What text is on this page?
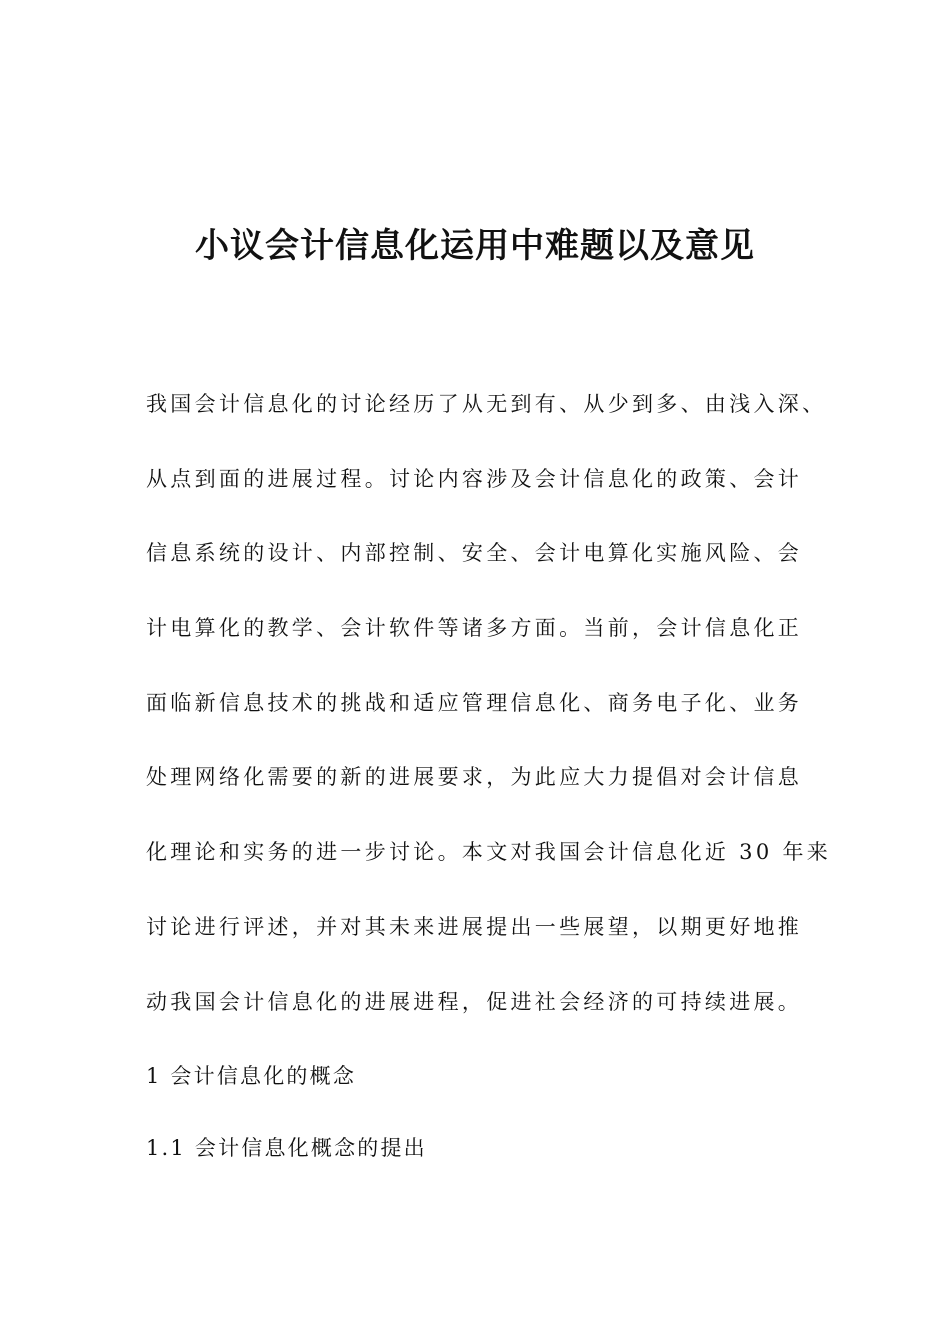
小议会计信息化运用中难题以及意见
我国会计信息化的讨论经历了从无到有、从少到多、由浅入深、
从点到面的进展过程。讨论内容涉及会计信息化的政策、会计
信息系统的设计、内部控制、安全、会计电算化实施风险、会
计电算化的教学、会计软件等诸多方面。当前，会计信息化正
面临新信息技术的挑战和适应管理信息化、商务电子化、业务
处理网络化需要的新的进展要求，为此应大力提倡对会计信息
化理论和实务的进一步讨论。本文对我国会计信息化近 30 年来
讨论进行评述，并对其未来进展提出一些展望，以期更好地推
动我国会计信息化的进展进程，促进社会经济的可持续进展。
1 会计信息化的概念
1.1 会计信息化概念的提出
